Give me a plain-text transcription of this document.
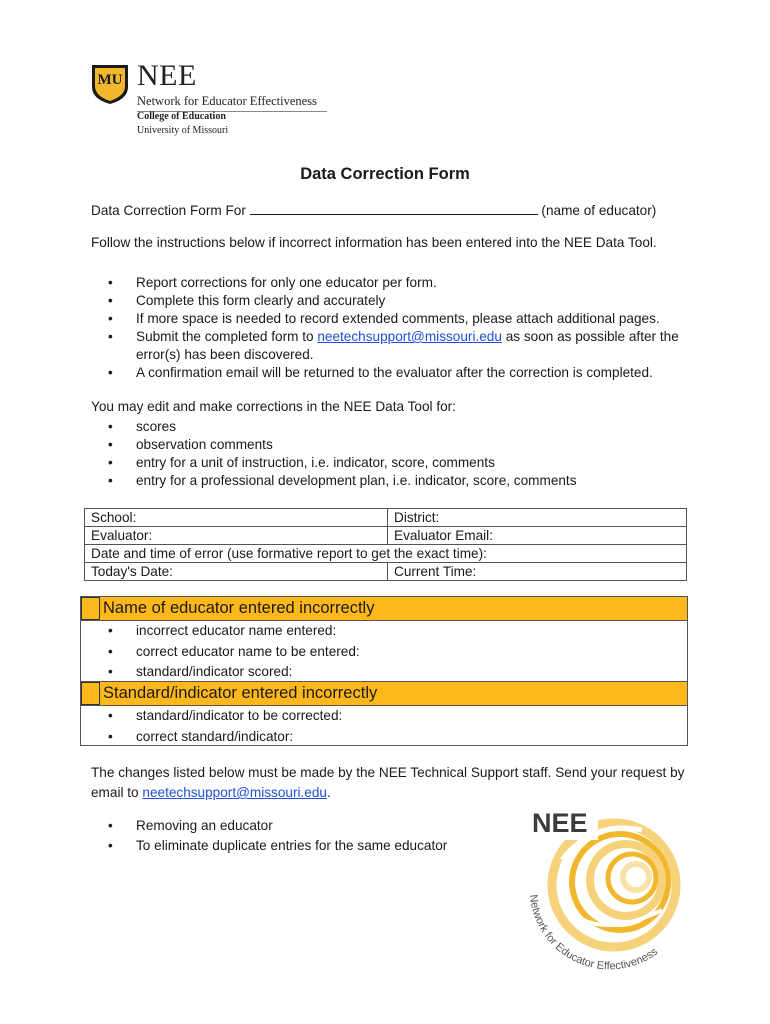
MU NEE
Network for Educator Effectiveness
College of Education
University of Missouri
Data Correction Form
Data Correction Form For	(name of educator)
Follow the instructions below if incorrect information has been entered into the NEE Data Tool.
• Report corrections for only one educator per form.
• Complete this form clearly and accurately
• If more space is needed to record extended comments, please attach additional pages.
• Submit the completed form to neetechsupport@missouri.edu as soon as possible after the error(s) has been discovered.
• A confirmation email will be returned to the evaluator after the correction is completed.
You may edit and make corrections in the NEE Data Tool for:
• scores
• observation comments
• entry for a unit of instruction, i.e. indicator, score, comments
• entry for a professional development plan, i.e. indicator, score, comments
School:	District:
Evaluator:	Evaluator Email:
Date and time of error (use formative report to get the exact time):	
Today's Date:	Current Time:
Name of educator entered incorrectly
• incorrect educator name entered:
• correct educator name to be entered:
• standard/indicator scored:
Standard/indicator entered incorrectly
• standard/indicator to be corrected:
• correct standard/indicator:
The changes listed below must be made by the NEE Technical Support staff. Send your request by email to neetechsupport@missouri.edu.
• Removing an educator
• To eliminate duplicate entries for the same educator
NEE
Network for Educator Effectiveness
